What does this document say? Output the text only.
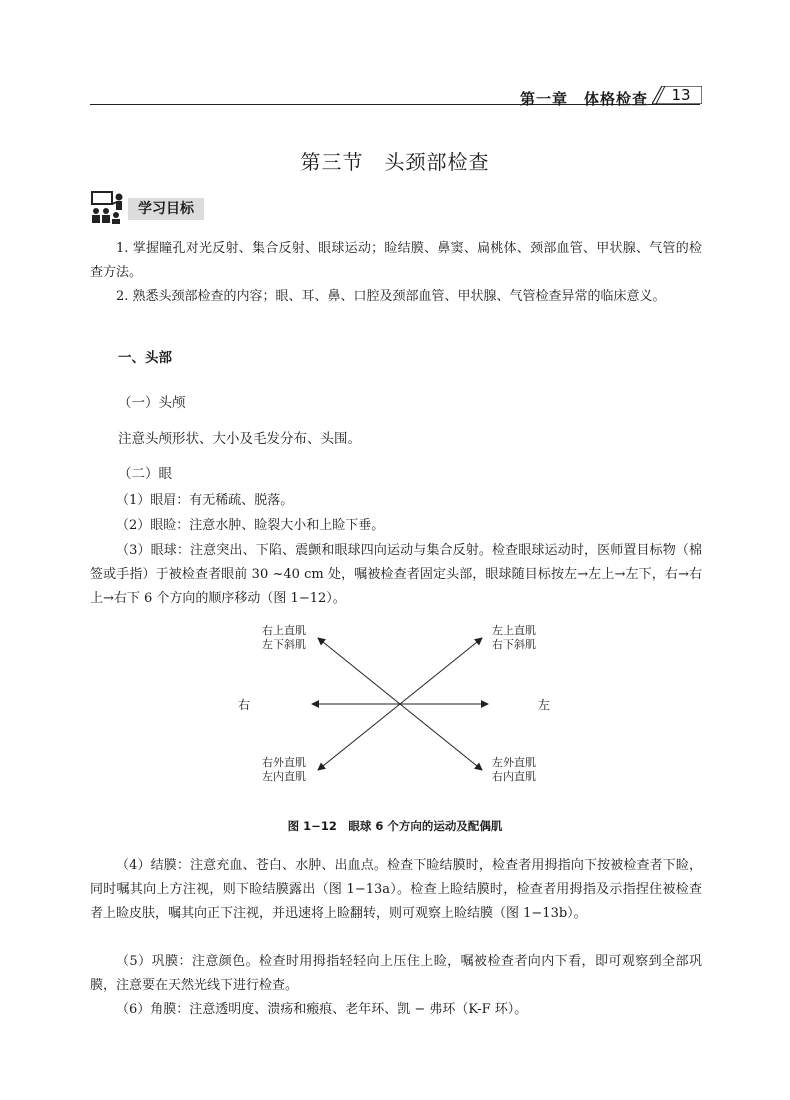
第一章　体格检查	13
第三节　头颈部检查
学习目标

1. 掌握瞳孔对光反射、集合反射、眼球运动；睑结膜、鼻窦、扁桃体、颈部血管、甲状腺、气管的检查方法。

2. 熟悉头颈部检查的内容；眼、耳、鼻、口腔及颈部血管、甲状腺、气管检查异常的临床意义。

一、头部

（一）头颅

注意头颅形状、大小及毛发分布、头围。

（二）眼

（1）眼眉：有无稀疏、脱落。

（2）眼睑：注意水肿、睑裂大小和上睑下垂。

（3）眼球：注意突出、下陷、震颤和眼球四向运动与集合反射。检查眼球运动时，医师置目标物（棉签或手指）于被检查者眼前 30 ~40 cm 处，嘱被检查者固定头部，眼球随目标按左→左上→左下，右→右上→右下 6 个方向的顺序移动（图 1−12）。

右上直肌
左下斜肌
左上直肌
右下斜肌
右	左
右外直肌
左内直肌
左外直肌
右内直肌
图 1−12　眼球 6 个方向的运动及配偶肌

（4）结膜：注意充血、苍白、水肿、出血点。检查下睑结膜时，检查者用拇指向下按被检查者下睑，同时嘱其向上方注视，则下睑结膜露出（图 1−13a）。检查上睑结膜时，检查者用拇指及示指捏住被检查者上睑皮肤，嘱其向正下注视，并迅速将上睑翻转，则可观察上睑结膜（图 1−13b）。

（5）巩膜：注意颜色。检查时用拇指轻轻向上压住上睑，嘱被检查者向内下看，即可观察到全部巩膜，注意要在天然光线下进行检查。

（6）角膜：注意透明度、溃疡和瘢痕、老年环、凯 − 弗环（K-F 环）。
